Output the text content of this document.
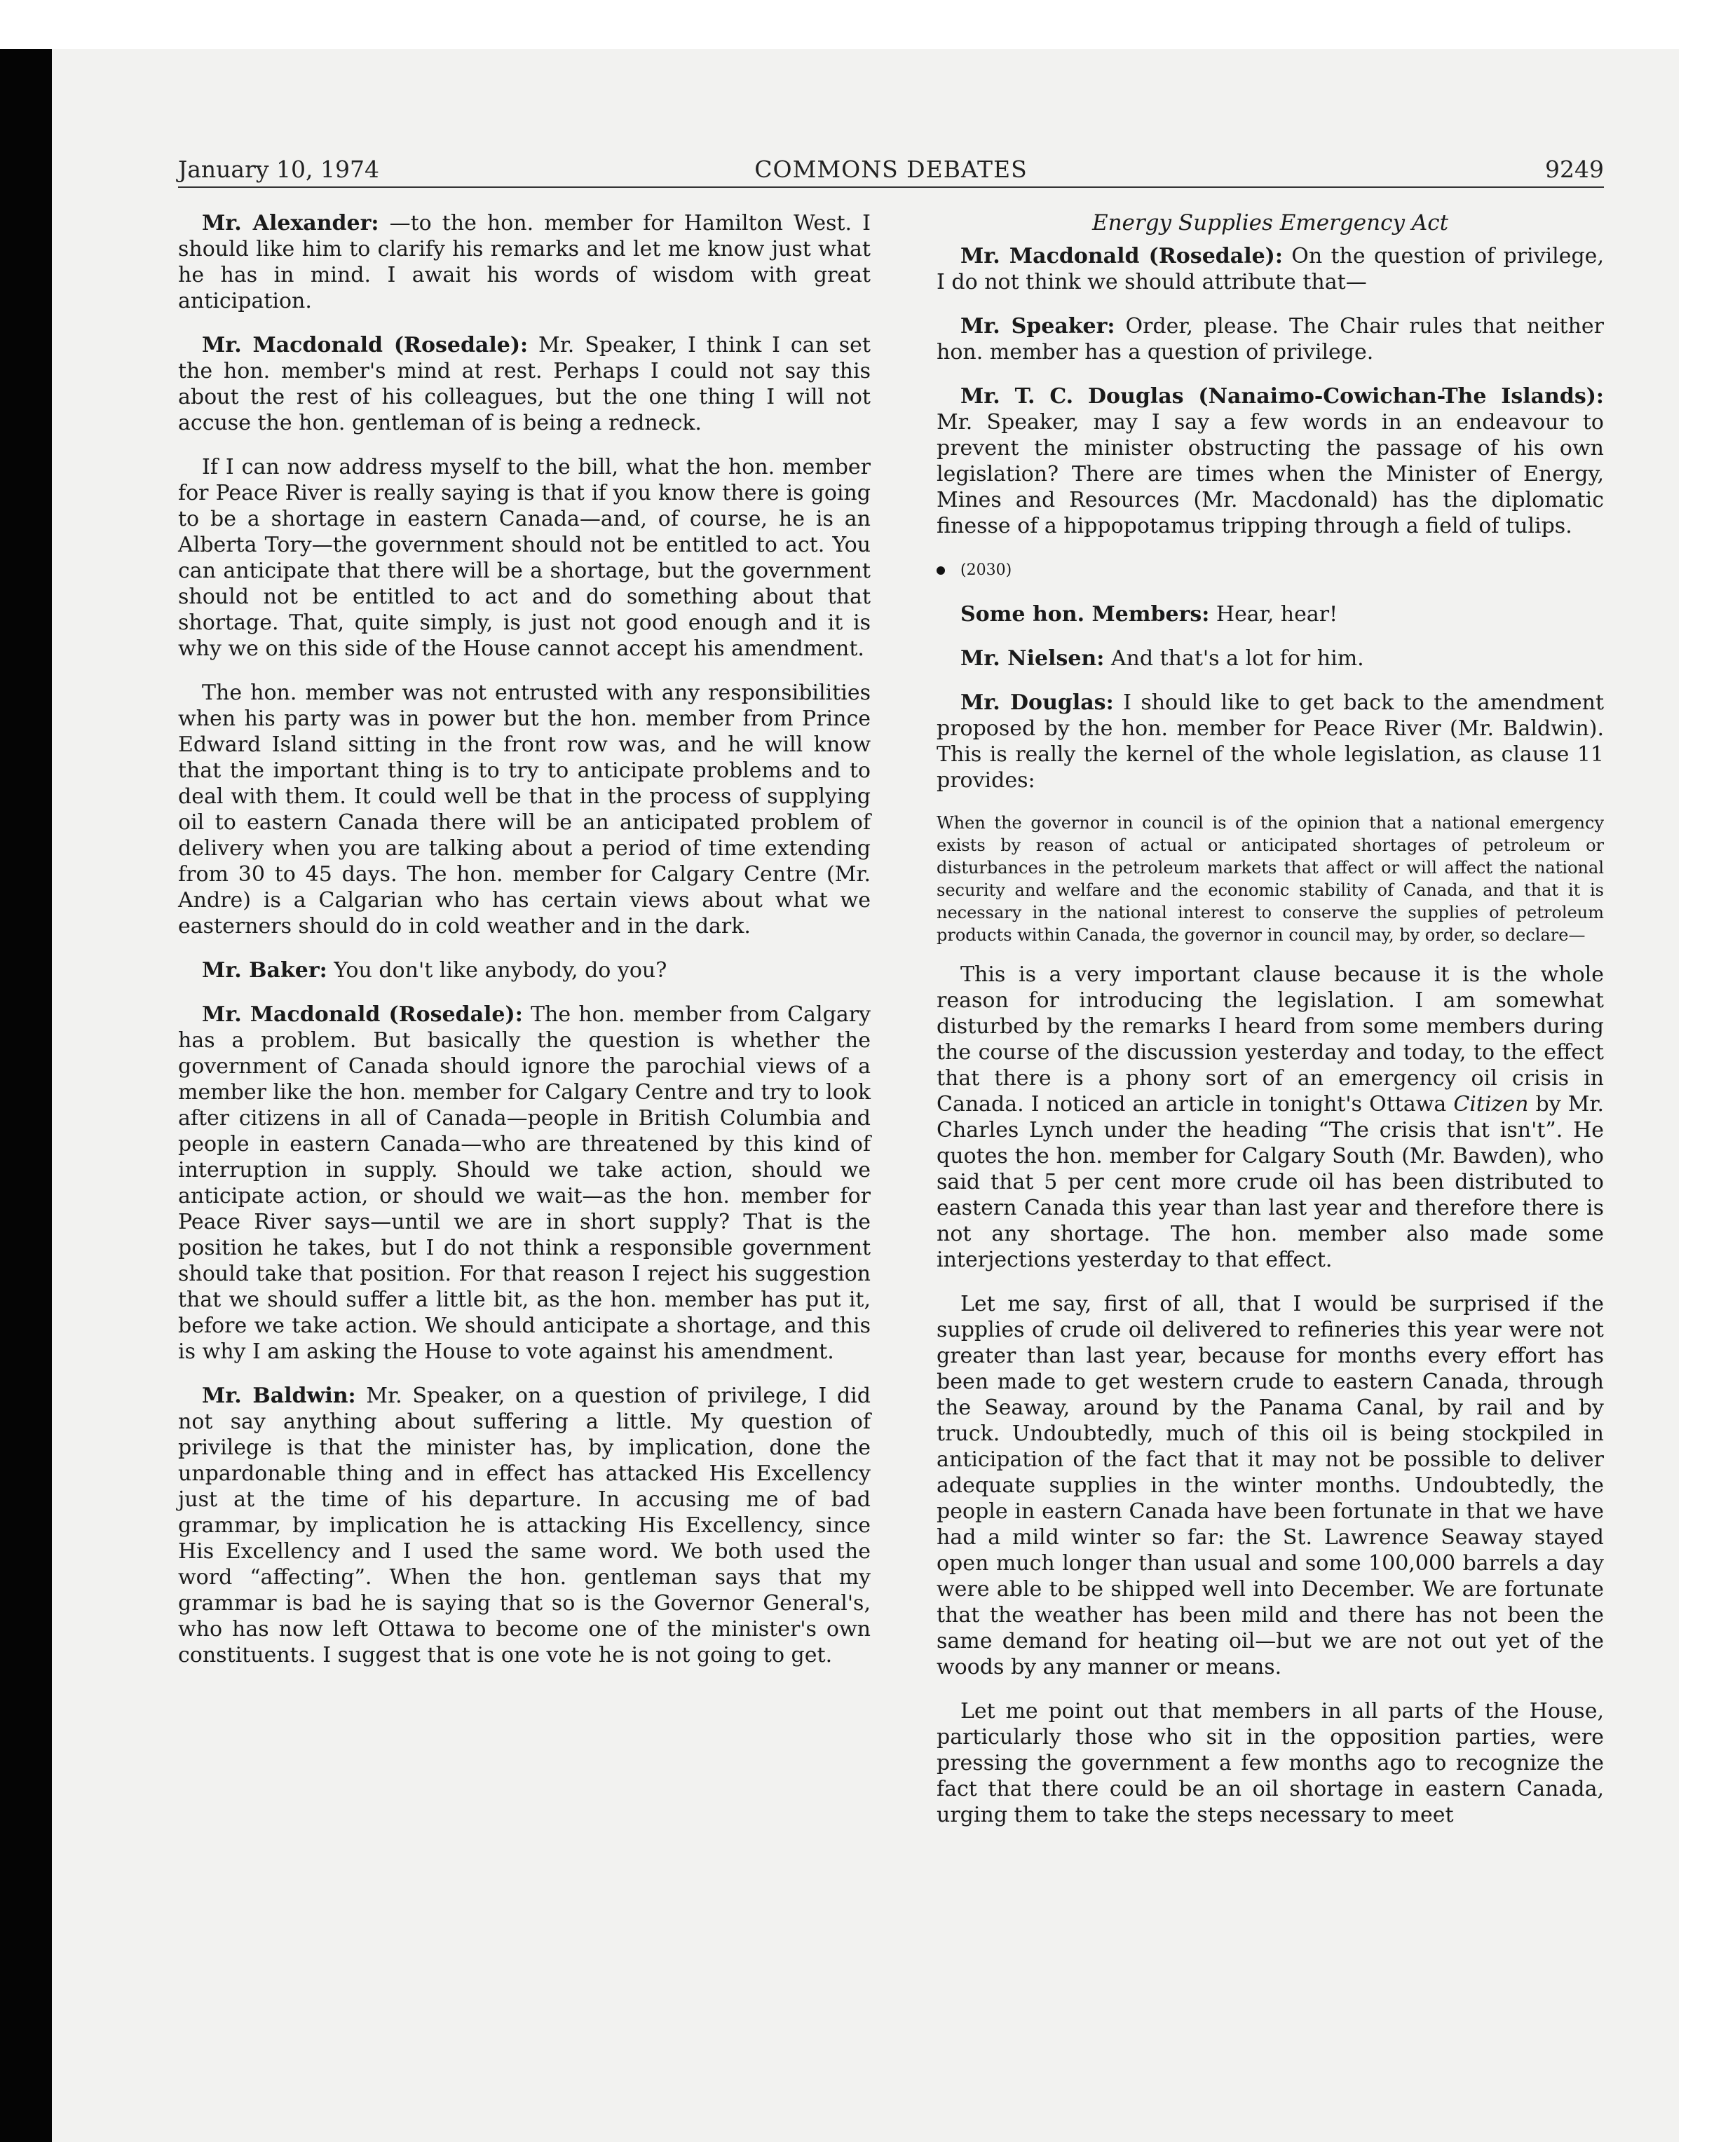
January 10, 1974	COMMONS DEBATES	9249

Mr. Alexander: —to the hon. member for Hamilton West. I should like him to clarify his remarks and let me know just what he has in mind. I await his words of wisdom with great anticipation.

Mr. Macdonald (Rosedale): Mr. Speaker, I think I can set the hon. member's mind at rest. Perhaps I could not say this about the rest of his colleagues, but the one thing I will not accuse the hon. gentleman of is being a redneck.

If I can now address myself to the bill, what the hon. member for Peace River is really saying is that if you know there is going to be a shortage in eastern Canada—and, of course, he is an Alberta Tory—the government should not be entitled to act. You can anticipate that there will be a shortage, but the government should not be entitled to act and do something about that shortage. That, quite simply, is just not good enough and it is why we on this side of the House cannot accept his amendment.

The hon. member was not entrusted with any responsibilities when his party was in power but the hon. member from Prince Edward Island sitting in the front row was, and he will know that the important thing is to try to anticipate problems and to deal with them. It could well be that in the process of supplying oil to eastern Canada there will be an anticipated problem of delivery when you are talking about a period of time extending from 30 to 45 days. The hon. member for Calgary Centre (Mr. Andre) is a Calgarian who has certain views about what we easterners should do in cold weather and in the dark.

Mr. Baker: You don't like anybody, do you?

Mr. Macdonald (Rosedale): The hon. member from Calgary has a problem. But basically the question is whether the government of Canada should ignore the parochial views of a member like the hon. member for Calgary Centre and try to look after citizens in all of Canada—people in British Columbia and people in eastern Canada—who are threatened by this kind of interruption in supply. Should we take action, should we anticipate action, or should we wait—as the hon. member for Peace River says—until we are in short supply? That is the position he takes, but I do not think a responsible government should take that position. For that reason I reject his suggestion that we should suffer a little bit, as the hon. member has put it, before we take action. We should anticipate a shortage, and this is why I am asking the House to vote against his amendment.

Mr. Baldwin: Mr. Speaker, on a question of privilege, I did not say anything about suffering a little. My question of privilege is that the minister has, by implication, done the unpardonable thing and in effect has attacked His Excellency just at the time of his departure. In accusing me of bad grammar, by implication he is attacking His Excellency, since His Excellency and I used the same word. We both used the word “affecting”. When the hon. gentleman says that my grammar is bad he is saying that so is the Governor General's, who has now left Ottawa to become one of the minister's own constituents. I suggest that is one vote he is not going to get.

Energy Supplies Emergency Act

Mr. Macdonald (Rosedale): On the question of privilege, I do not think we should attribute that—

Mr. Speaker: Order, please. The Chair rules that neither hon. member has a question of privilege.

Mr. T. C. Douglas (Nanaimo-Cowichan-The Islands): Mr. Speaker, may I say a few words in an endeavour to prevent the minister obstructing the passage of his own legislation? There are times when the Minister of Energy, Mines and Resources (Mr. Macdonald) has the diplomatic finesse of a hippopotamus tripping through a field of tulips.

(2030)

Some hon. Members: Hear, hear!

Mr. Nielsen: And that's a lot for him.

Mr. Douglas: I should like to get back to the amendment proposed by the hon. member for Peace River (Mr. Baldwin). This is really the kernel of the whole legislation, as clause 11 provides:

When the governor in council is of the opinion that a national emergency exists by reason of actual or anticipated shortages of petroleum or disturbances in the petroleum markets that affect or will affect the national security and welfare and the economic stability of Canada, and that it is necessary in the national interest to conserve the supplies of petroleum products within Canada, the governor in council may, by order, so declare—

This is a very important clause because it is the whole reason for introducing the legislation. I am somewhat disturbed by the remarks I heard from some members during the course of the discussion yesterday and today, to the effect that there is a phony sort of an emergency oil crisis in Canada. I noticed an article in tonight's Ottawa Citizen by Mr. Charles Lynch under the heading “The crisis that isn't”. He quotes the hon. member for Calgary South (Mr. Bawden), who said that 5 per cent more crude oil has been distributed to eastern Canada this year than last year and therefore there is not any shortage. The hon. member also made some interjections yesterday to that effect.

Let me say, first of all, that I would be surprised if the supplies of crude oil delivered to refineries this year were not greater than last year, because for months every effort has been made to get western crude to eastern Canada, through the Seaway, around by the Panama Canal, by rail and by truck. Undoubtedly, much of this oil is being stockpiled in anticipation of the fact that it may not be possible to deliver adequate supplies in the winter months. Undoubtedly, the people in eastern Canada have been fortunate in that we have had a mild winter so far: the St. Lawrence Seaway stayed open much longer than usual and some 100,000 barrels a day were able to be shipped well into December. We are fortunate that the weather has been mild and there has not been the same demand for heating oil—but we are not out yet of the woods by any manner or means.

Let me point out that members in all parts of the House, particularly those who sit in the opposition parties, were pressing the government a few months ago to recognize the fact that there could be an oil shortage in eastern Canada, urging them to take the steps necessary to meet
